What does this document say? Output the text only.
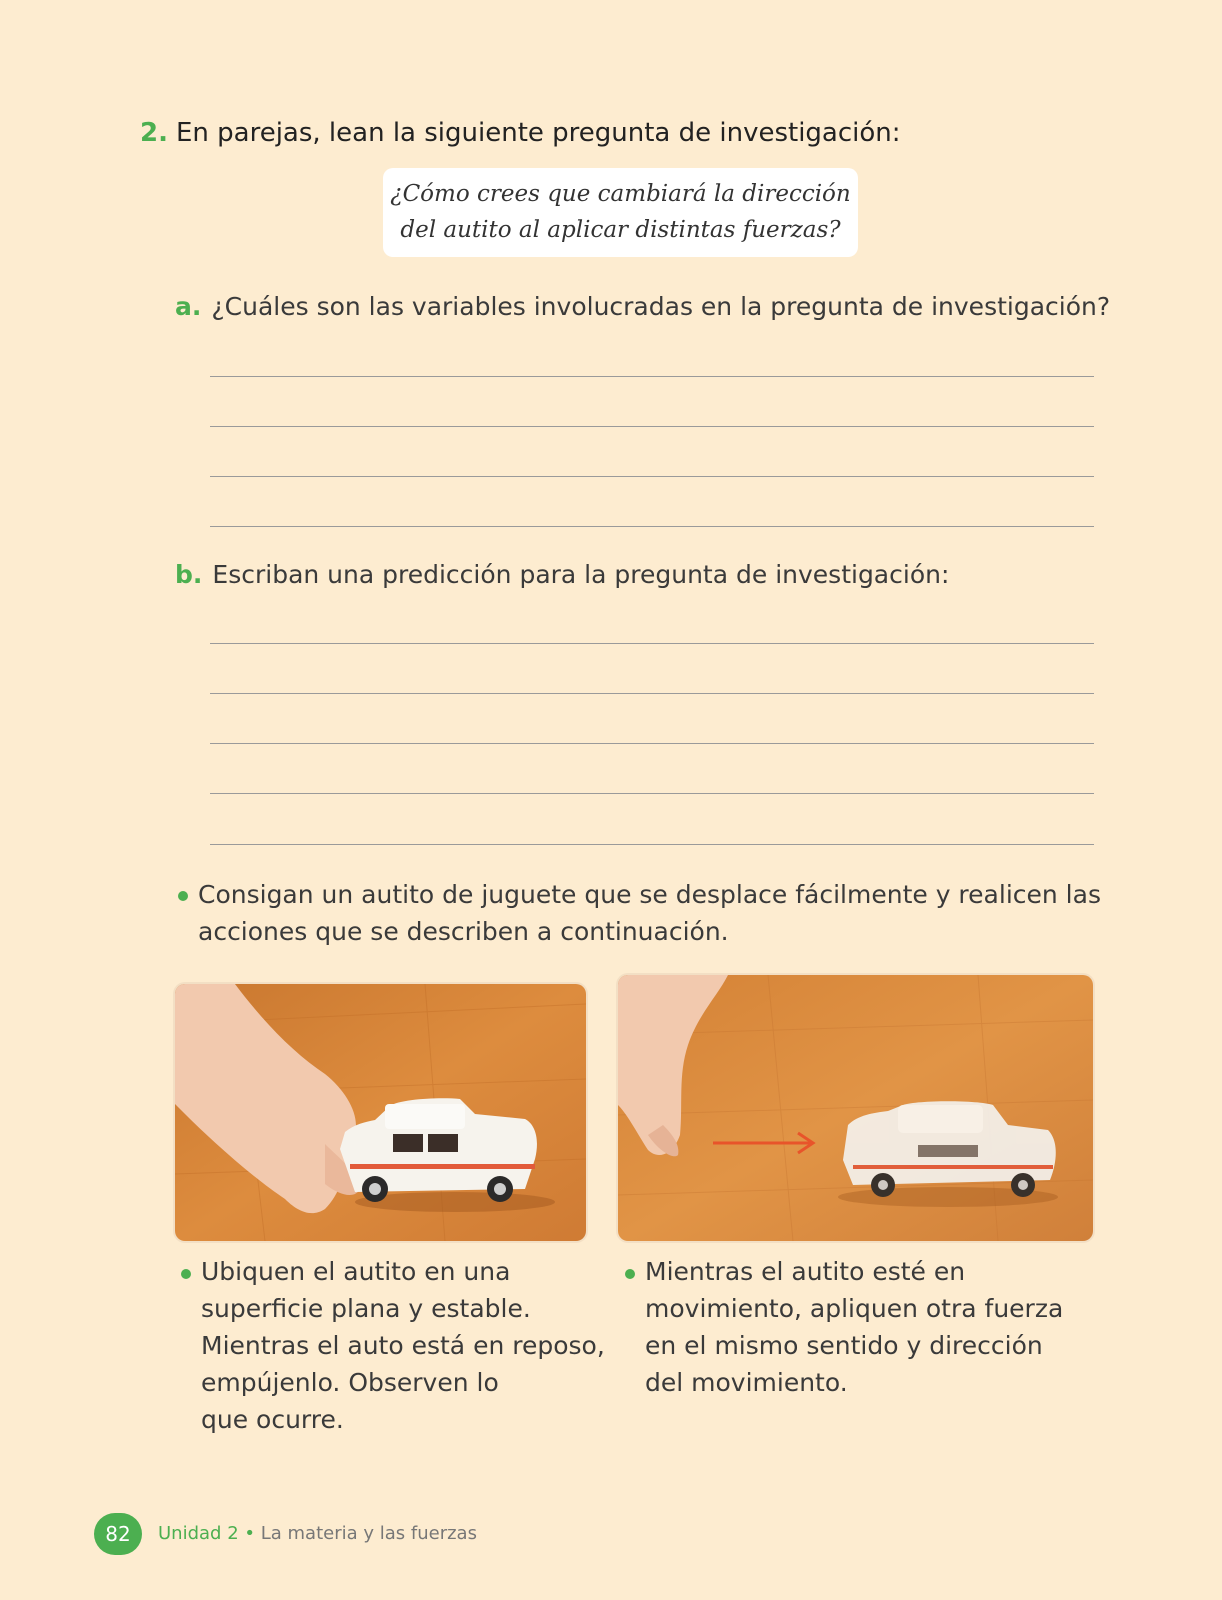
2. En parejas, lean la siguiente pregunta de investigación:
¿Cómo crees que cambiará la dirección
del autito al aplicar distintas fuerzas?
a. ¿Cuáles son las variables involucradas en la pregunta de investigación?
b. Escriban una predicción para la pregunta de investigación:
Consigan un autito de juguete que se desplace fácilmente y realicen las
acciones que se describen a continuación.
Ubiquen el autito en una
superficie plana y estable.
Mientras el auto está en reposo,
empújenlo. Observen lo
que ocurre.
Mientras el autito esté en
movimiento, apliquen otra fuerza
en el mismo sentido y dirección
del movimiento.
82	Unidad 2 • La materia y las fuerzas
